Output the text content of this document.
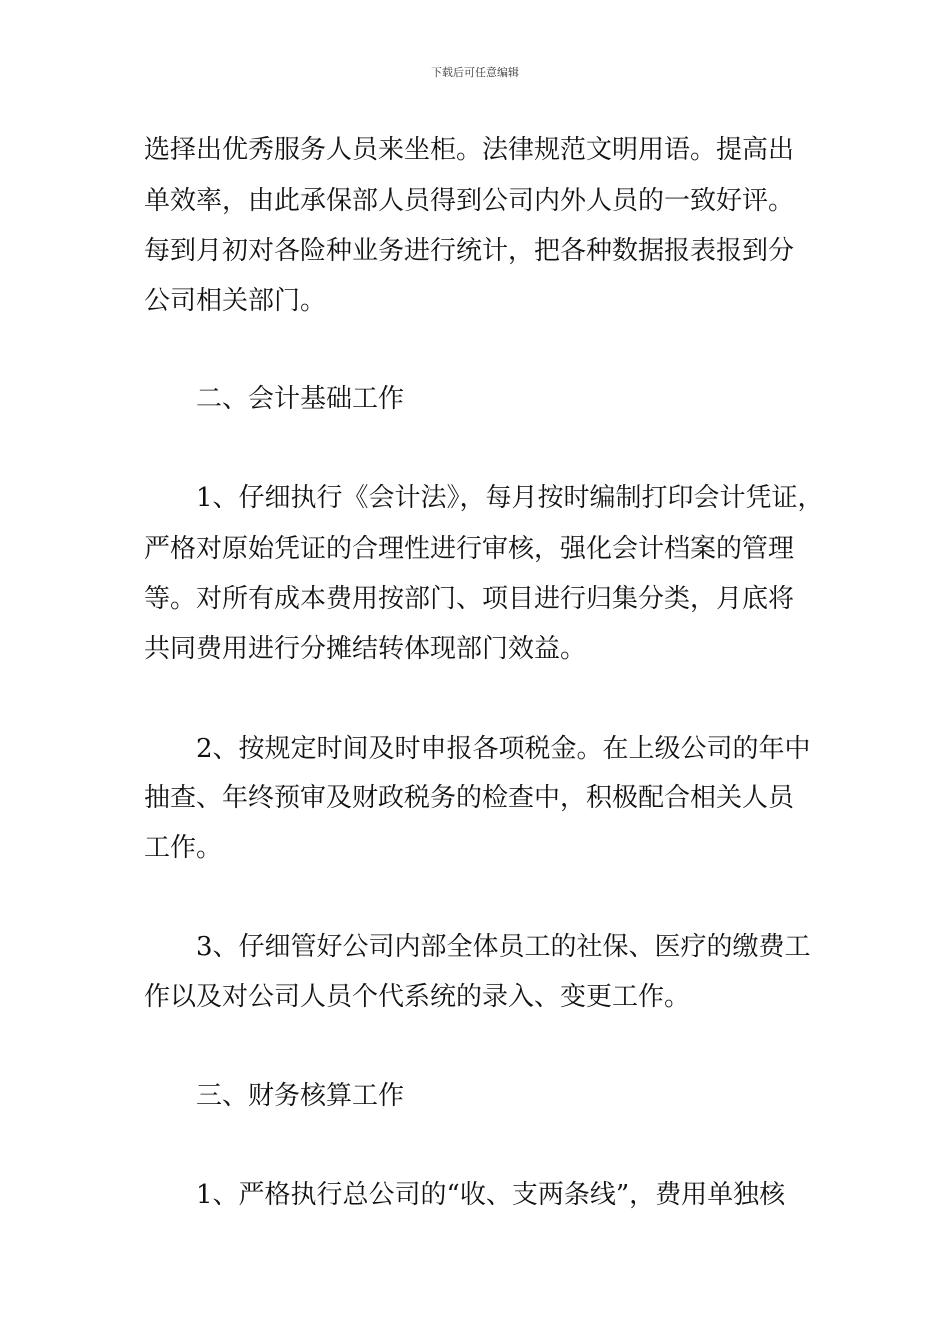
下载后可任意编辑
选择出优秀服务人员来坐柜。法律规范文明用语。提高出
单效率，由此承保部人员得到公司内外人员的一致好评。
每到月初对各险种业务进行统计，把各种数据报表报到分
公司相关部门。
二、会计基础工作
1、仔细执行《会计法》，每月按时编制打印会计凭证，
严格对原始凭证的合理性进行审核，强化会计档案的管理
等。对所有成本费用按部门、项目进行归集分类，月底将
共同费用进行分摊结转体现部门效益。
2、按规定时间及时申报各项税金。在上级公司的年中
抽查、年终预审及财政税务的检查中，积极配合相关人员
工作。
3、仔细管好公司内部全体员工的社保、医疗的缴费工
作以及对公司人员个代系统的录入、变更工作。
三、财务核算工作
1、严格执行总公司的“收、支两条线”，费用单独核
